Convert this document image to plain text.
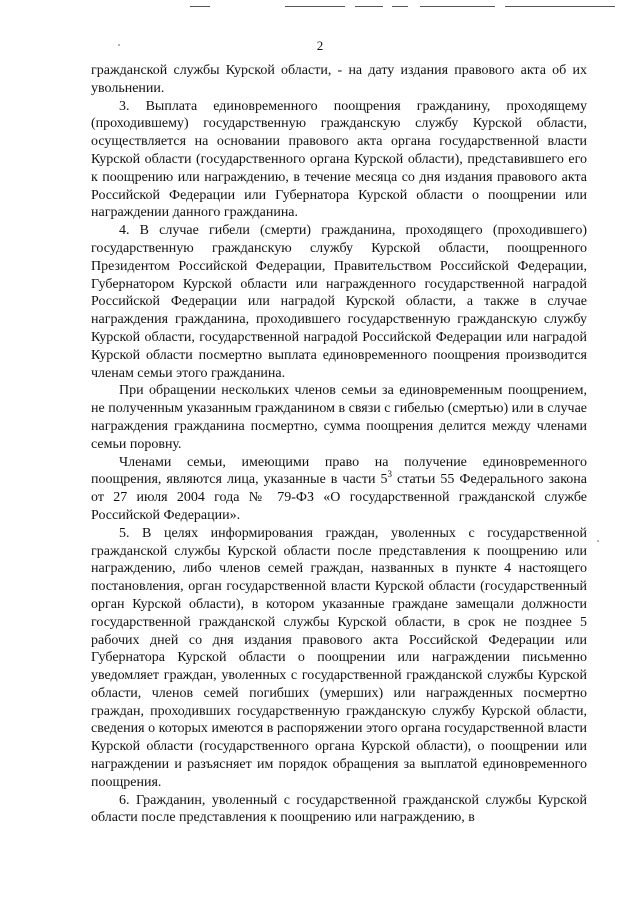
2

гражданской службы Курской области, - на дату издания правового акта об их увольнении.

3. Выплата единовременного поощрения гражданину, проходящему (проходившему) государственную гражданскую службу Курской области, осуществляется на основании правового акта органа государственной власти Курской области (государственного органа Курской области), представившего его к поощрению или награждению, в течение месяца со дня издания правового акта Российской Федерации или Губернатора Курской области о поощрении или награждении данного гражданина.

4. В случае гибели (смерти) гражданина, проходящего (проходившего) государственную гражданскую службу Курской области, поощренного Президентом Российской Федерации, Правительством Российской Федерации, Губернатором Курской области или награжденного государственной наградой Российской Федерации или наградой Курской области, а также в случае награждения гражданина, проходившего государственную гражданскую службу Курской области, государственной наградой Российской Федерации или наградой Курской области посмертно выплата единовременного поощрения производится членам семьи этого гражданина.

При обращении нескольких членов семьи за единовременным поощрением, не полученным указанным гражданином в связи с гибелью (смертью) или в случае награждения гражданина посмертно, сумма поощрения делится между членами семьи поровну.

Членами семьи, имеющими право на получение единовременного поощрения, являются лица, указанные в части $5^3$ статьи 55 Федерального закона от 27 июля 2004 года № 79-ФЗ «О государственной гражданской службе Российской Федерации».

5. В целях информирования граждан, уволенных с государственной гражданской службы Курской области после представления к поощрению или награждению, либо членов семей граждан, названных в пункте 4 настоящего постановления, орган государственной власти Курской области (государственный орган Курской области), в котором указанные граждане замещали должности государственной гражданской службы Курской области, в срок не позднее 5 рабочих дней со дня издания правового акта Российской Федерации или Губернатора Курской области о поощрении или награждении письменно уведомляет граждан, уволенных с государственной гражданской службы Курской области, членов семей погибших (умерших) или награжденных посмертно граждан, проходивших государственную гражданскую службу Курской области, сведения о которых имеются в распоряжении этого органа государственной власти Курской области (государственного органа Курской области), о поощрении или награждении и разъясняет им порядок обращения за выплатой единовременного поощрения.

6. Гражданин, уволенный с государственной гражданской службы Курской области после представления к поощрению или награждению, в
